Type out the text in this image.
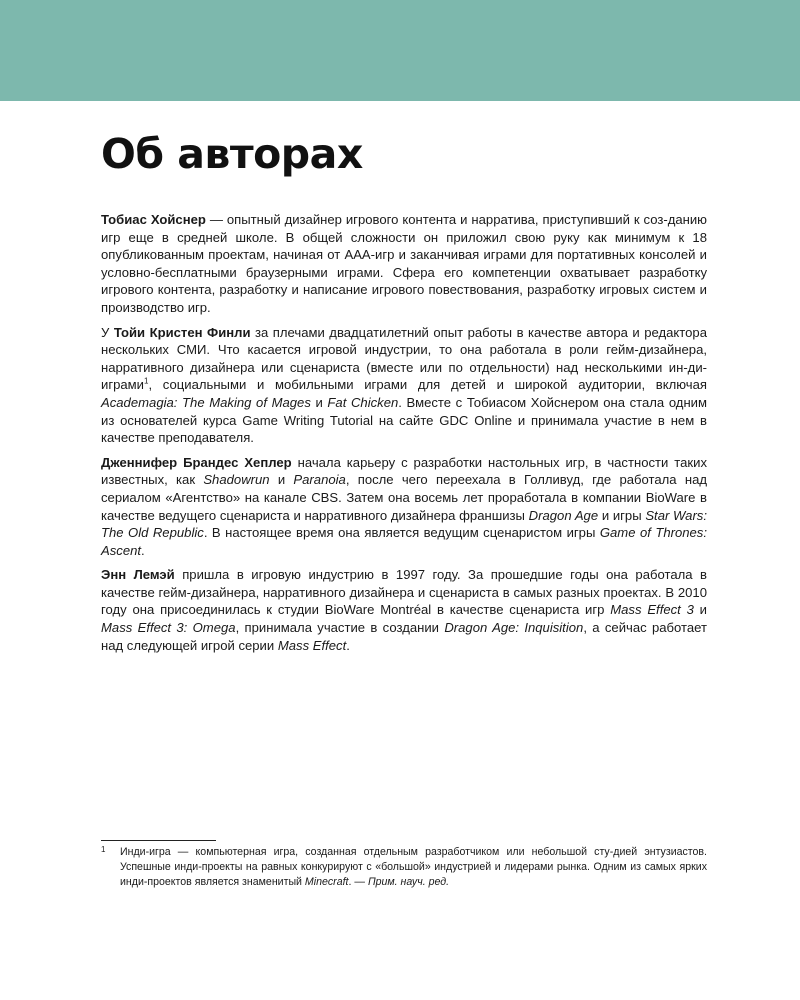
Об авторах

Тобиас Хойснер — опытный дизайнер игрового контента и нарратива, приступивший к соз-данию игр еще в средней школе. В общей сложности он приложил свою руку как минимум к 18 опубликованным проектам, начиная от AAA-игр и заканчивая играми для портативных консолей и условно-бесплатными браузерными играми. Сфера его компетенции охватывает разработку игрового контента, разработку и написание игрового повествования, разработку игровых систем и производство игр.

У Тойи Кристен Финли за плечами двадцатилетний опыт работы в качестве автора и редактора нескольких СМИ. Что касается игровой индустрии, то она работала в роли гейм-дизайнера, нарративного дизайнера или сценариста (вместе или по отдельности) над несколькими ин-ди-играми$^1$, социальными и мобильными играми для детей и широкой аудитории, включая Academagia: The Making of Mages и Fat Chicken. Вместе с Тобиасом Хойснером она стала одним из основателей курса Game Writing Tutorial на сайте GDC Online и принимала участие в нем в качестве преподавателя.

Дженнифер Брандес Хеплер начала карьеру с разработки настольных игр, в частности таких известных, как Shadowrun и Paranoia, после чего переехала в Голливуд, где работала над сериалом «Агентство» на канале CBS. Затем она восемь лет проработала в компании BioWare в качестве ведущего сценариста и нарративного дизайнера франшизы Dragon Age и игры Star Wars: The Old Republic. В настоящее время она является ведущим сценаристом игры Game of Thrones: Ascent.

Энн Лемэй пришла в игровую индустрию в 1997 году. За прошедшие годы она работала в качестве гейм-дизайнера, нарративного дизайнера и сценариста в самых разных проектах. В 2010 году она присоединилась к студии BioWare Montréal в качестве сценариста игр Mass Effect 3 и Mass Effect 3: Omega, принимала участие в создании Dragon Age: Inquisition, а сейчас работает над следующей игрой серии Mass Effect.

1 Инди-игра — компьютерная игра, созданная отдельным разработчиком или небольшой сту-дией энтузиастов. Успешные инди-проекты на равных конкурируют с «большой» индустрией и лидерами рынка. Одним из самых ярких инди-проектов является знаменитый Minecraft. — Прим. науч. ред.
